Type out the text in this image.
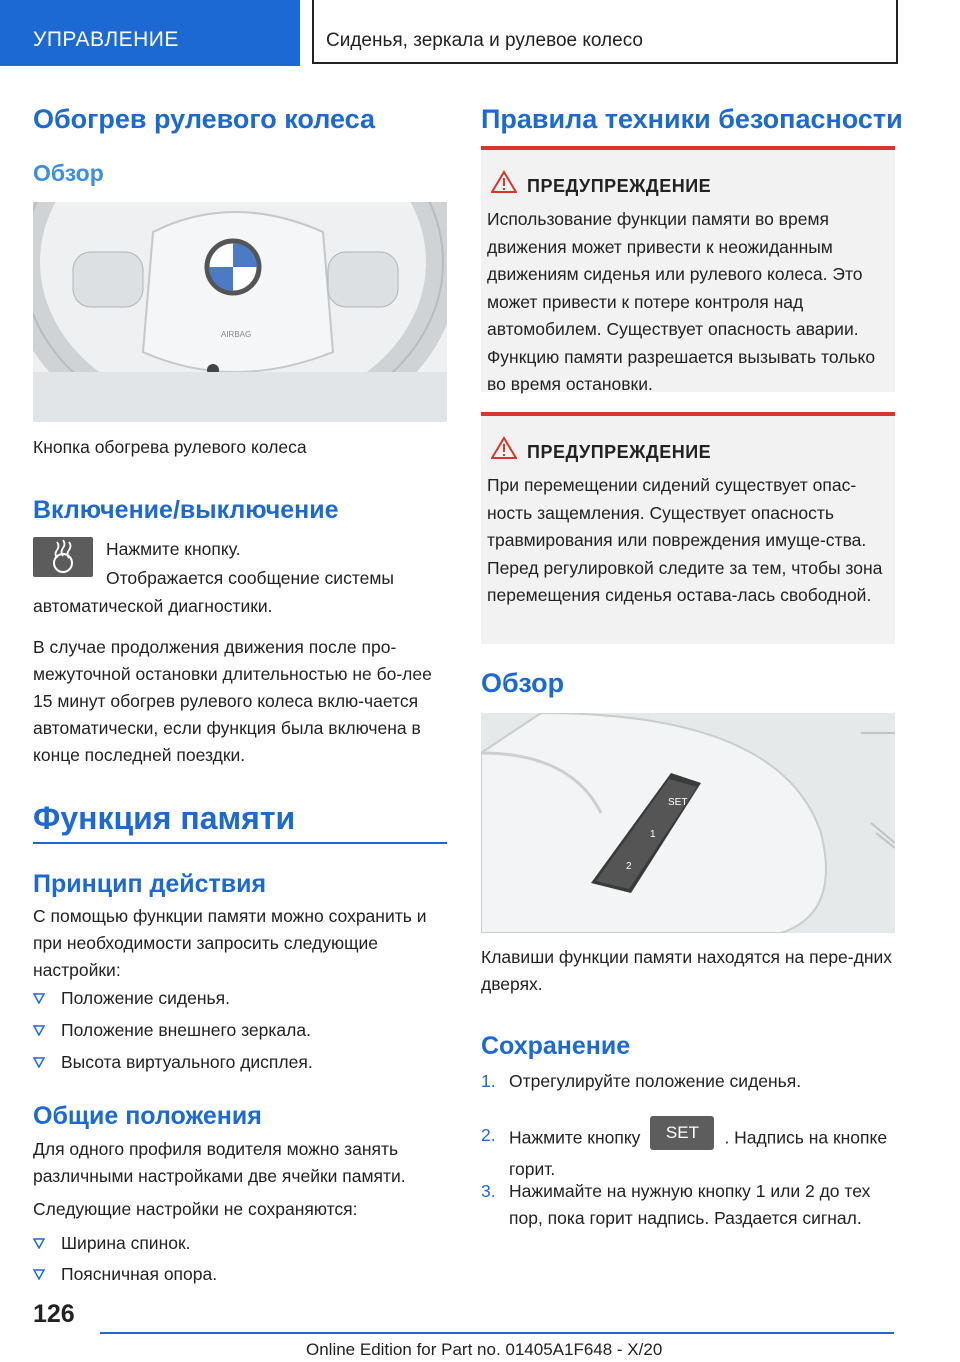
УПРАВЛЕНИЕ	Сиденья, зеркала и рулевое колесо
Обогрев рулевого колеса
Обзор
AIRBAG

Кнопка обогрева рулевого колеса

Включение/выключение

Нажмите кнопку.

Отображается сообщение системы

автоматической диагностики.

В случае продолжения движения после про-межуточной остановки длительностью не бо-лее 15 минут обогрев рулевого колеса вклю-чается автоматически, если функция была включена в конце последней поездки.

Функция памяти
Принцип действия

С помощью функции памяти можно сохранить и при необходимости запросить следующие настройки:

Положение сиденья.
Положение внешнего зеркала.
Высота виртуального дисплея.
Общие положения

Для одного профиля водителя можно занять различными настройками две ячейки памяти.

Следующие настройки не сохраняются:

Ширина спинок.
Поясничная опора.
Правила техники безопасности
ПРЕДУПРЕЖДЕНИЕ
Использование функции памяти во время движения может привести к неожиданным движениям сиденья или рулевого колеса. Это может привести к потере контроля над автомобилем. Существует опасность аварии. Функцию памяти разрешается вызывать только во время остановки.
ПРЕДУПРЕЖДЕНИЕ
При перемещении сидений существует опас-ность защемления. Существует опасность травмирования или повреждения имуще-ства. Перед регулировкой следите за тем, чтобы зона перемещения сиденья остава-лась свободной.
Обзор
SET
1
2

Клавиши функции памяти находятся на пере-дних дверях.

Сохранение
1. Отрегулируйте положение сиденья.
2. Нажмите кнопку SET . Надпись на кнопке горит.
3. Нажимайте на нужную кнопку 1 или 2 до тех пор, пока горит надпись. Раздается сигнал.
126
Online Edition for Part no. 01405A1F648 - X/20
